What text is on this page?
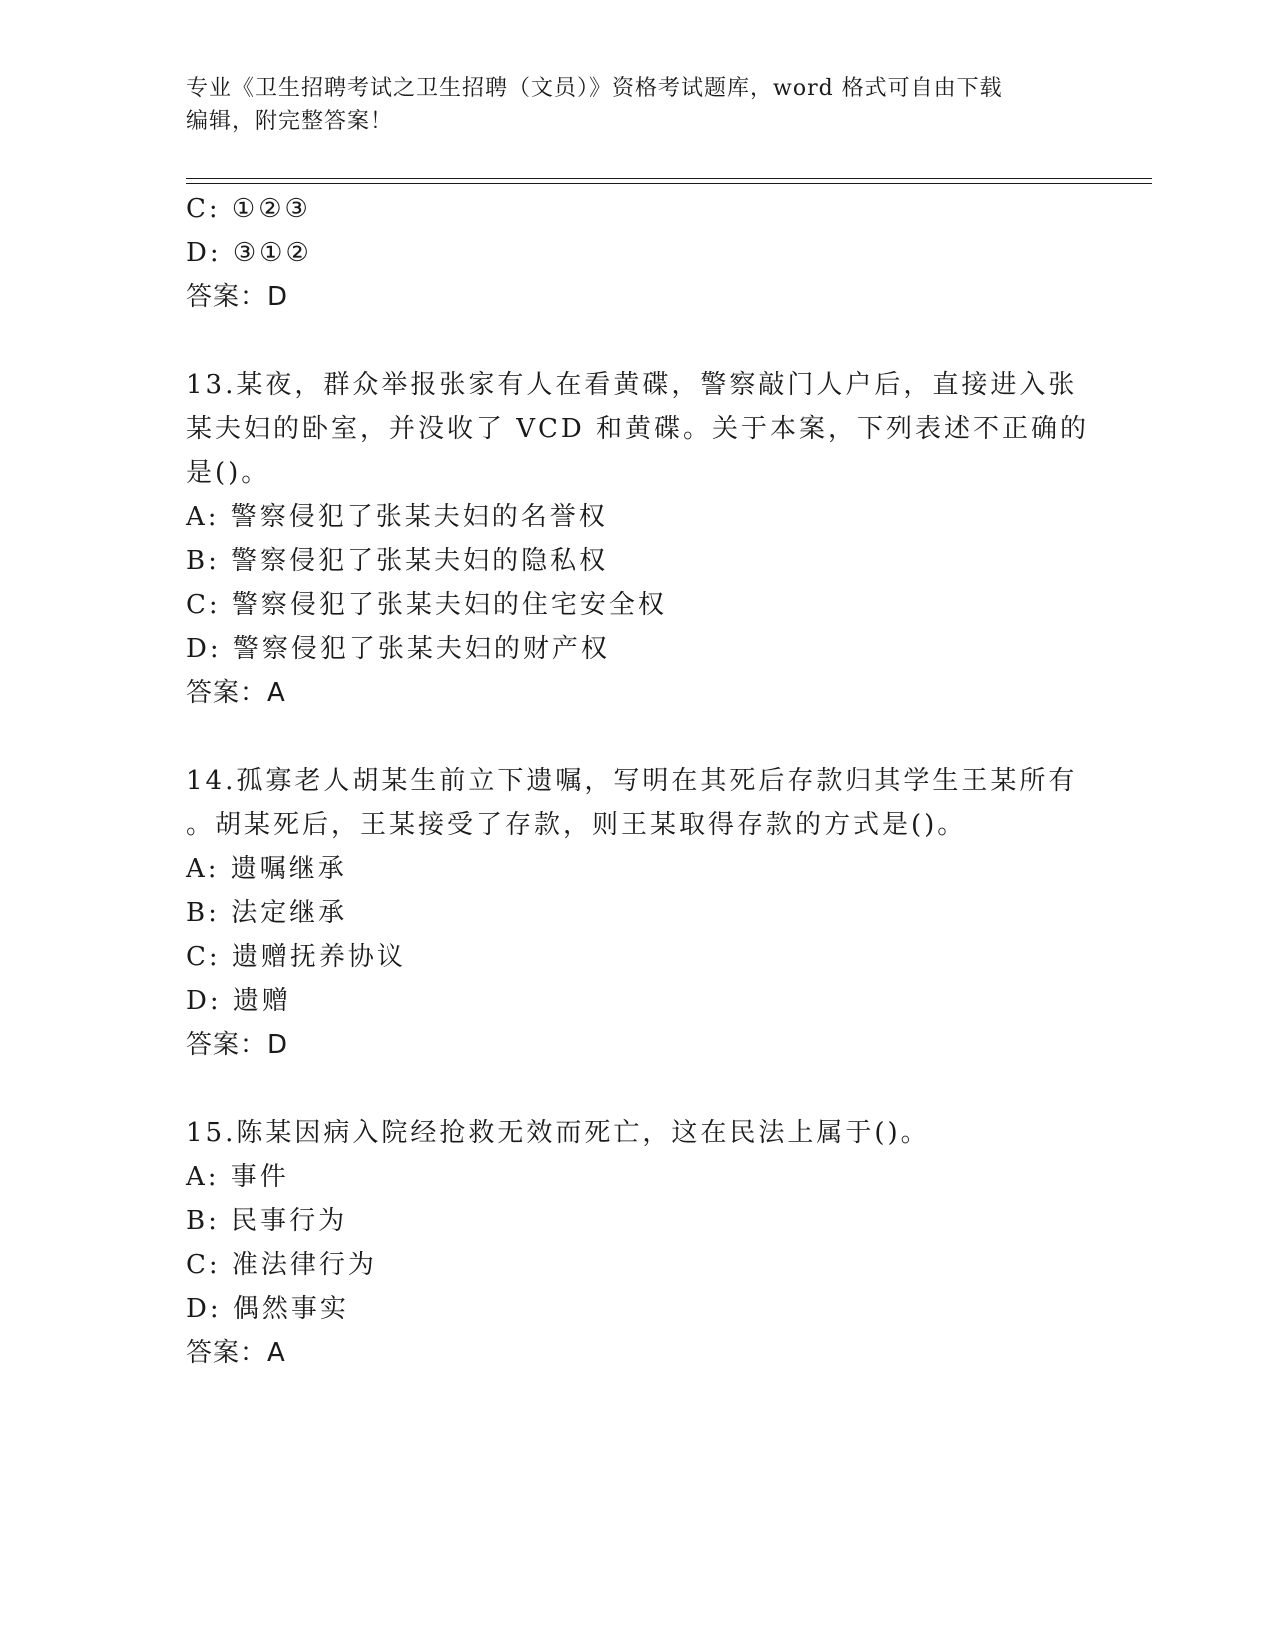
专业《卫生招聘考试之卫生招聘（文员）》资格考试题库，word 格式可自由下载
编辑，附完整答案！
C: ①②③
D: ③①②
答案：D
13.某夜，群众举报张家有人在看黄碟，警察敲门人户后，直接进入张
某夫妇的卧室，并没收了 VCD 和黄碟。关于本案，下列表述不正确的
是()。
A: 警察侵犯了张某夫妇的名誉权
B: 警察侵犯了张某夫妇的隐私权
C: 警察侵犯了张某夫妇的住宅安全权
D: 警察侵犯了张某夫妇的财产权
答案：A
14.孤寡老人胡某生前立下遗嘱，写明在其死后存款归其学生王某所有
。胡某死后，王某接受了存款，则王某取得存款的方式是()。
A: 遗嘱继承
B: 法定继承
C: 遗赠抚养协议
D: 遗赠
答案：D
15.陈某因病入院经抢救无效而死亡，这在民法上属于()。
A: 事件
B: 民事行为
C: 准法律行为
D: 偶然事实
答案：A
